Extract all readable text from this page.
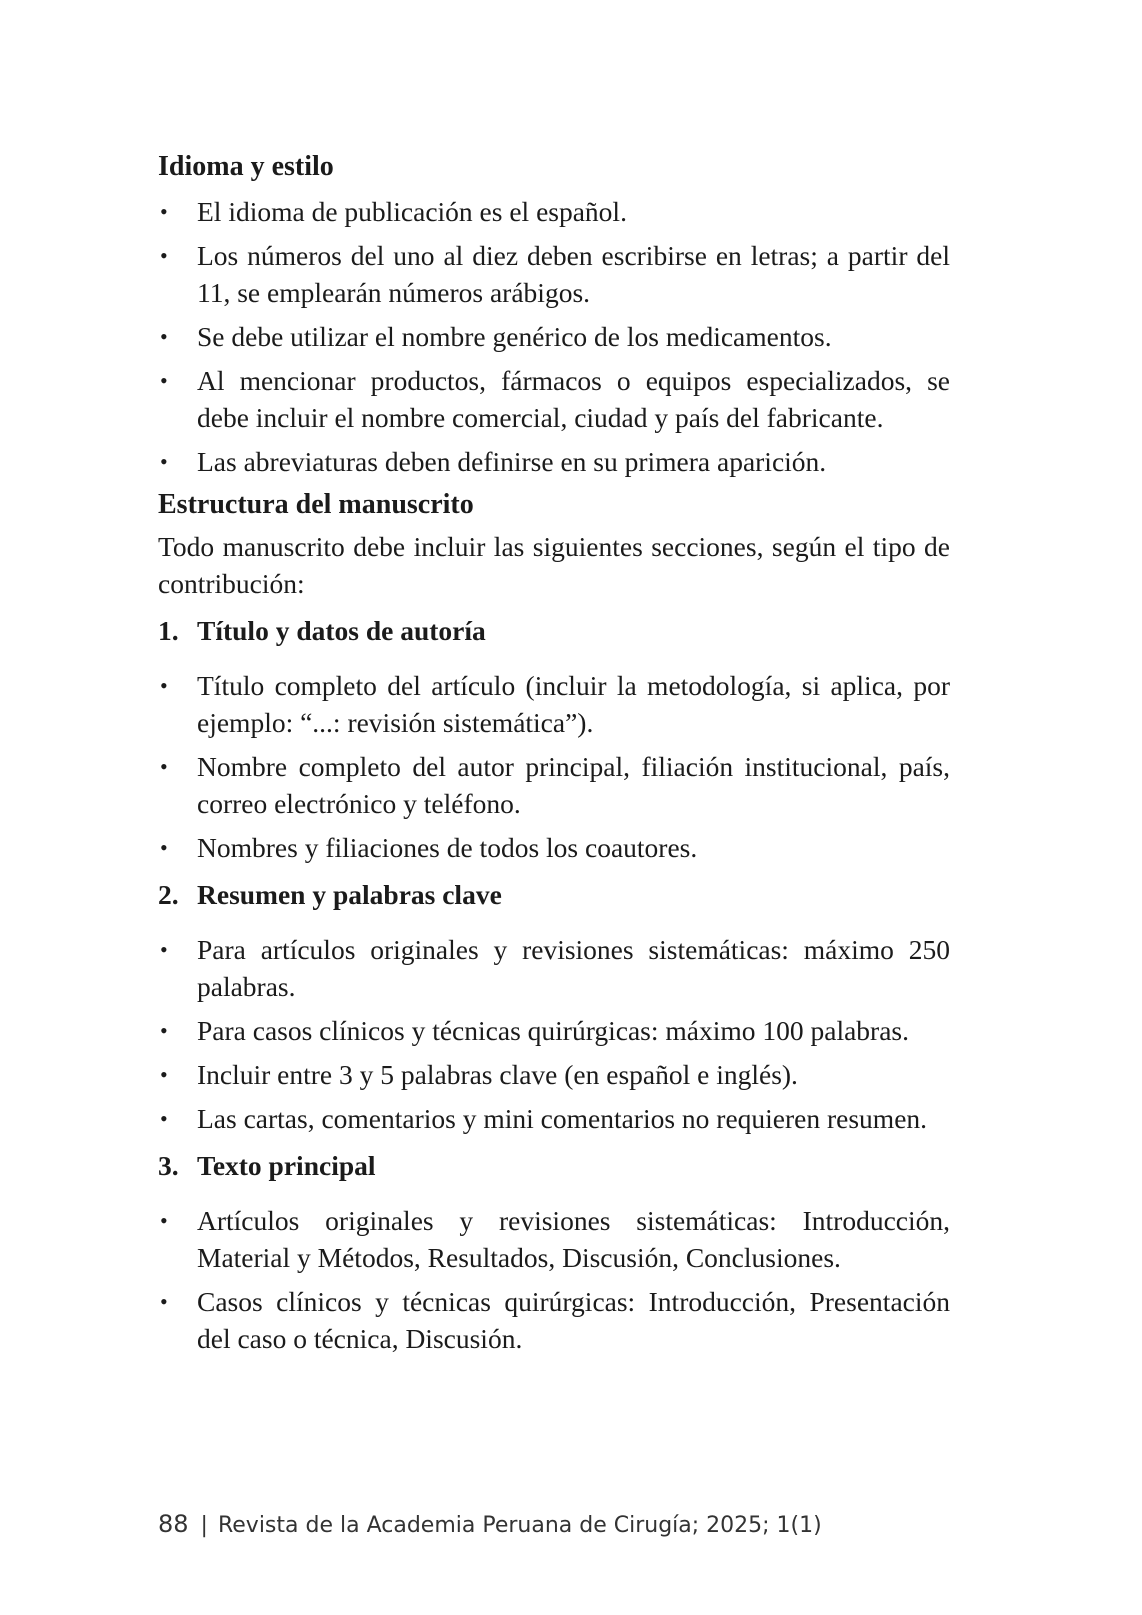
Idioma y estilo
• El idioma de publicación es el español.
• Los números del uno al diez deben escribirse en letras; a partir del 11, se emplearán números arábigos.
• Se debe utilizar el nombre genérico de los medicamentos.
• Al mencionar productos, fármacos o equipos especializados, se debe incluir el nombre comercial, ciudad y país del fabricante.
• Las abreviaturas deben definirse en su primera aparición.
Estructura del manuscrito

Todo manuscrito debe incluir las siguientes secciones, según el tipo de contribución:

1. Título y datos de autoría
• Título completo del artículo (incluir la metodología, si aplica, por ejemplo: “...: revisión sistemática”).
• Nombre completo del autor principal, filiación institucional, país, correo electrónico y teléfono.
• Nombres y filiaciones de todos los coautores.
2. Resumen y palabras clave
• Para artículos originales y revisiones sistemáticas: máximo 250 palabras.
• Para casos clínicos y técnicas quirúrgicas: máximo 100 palabras.
• Incluir entre 3 y 5 palabras clave (en español e inglés).
• Las cartas, comentarios y mini comentarios no requieren resumen.
3. Texto principal
• Artículos originales y revisiones sistemáticas: Introducción, Material y Métodos, Resultados, Discusión, Conclusiones.
• Casos clínicos y técnicas quirúrgicas: Introducción, Presentación del caso o técnica, Discusión.
88 | Revista de la Academia Peruana de Cirugía; 2025; 1(1)
